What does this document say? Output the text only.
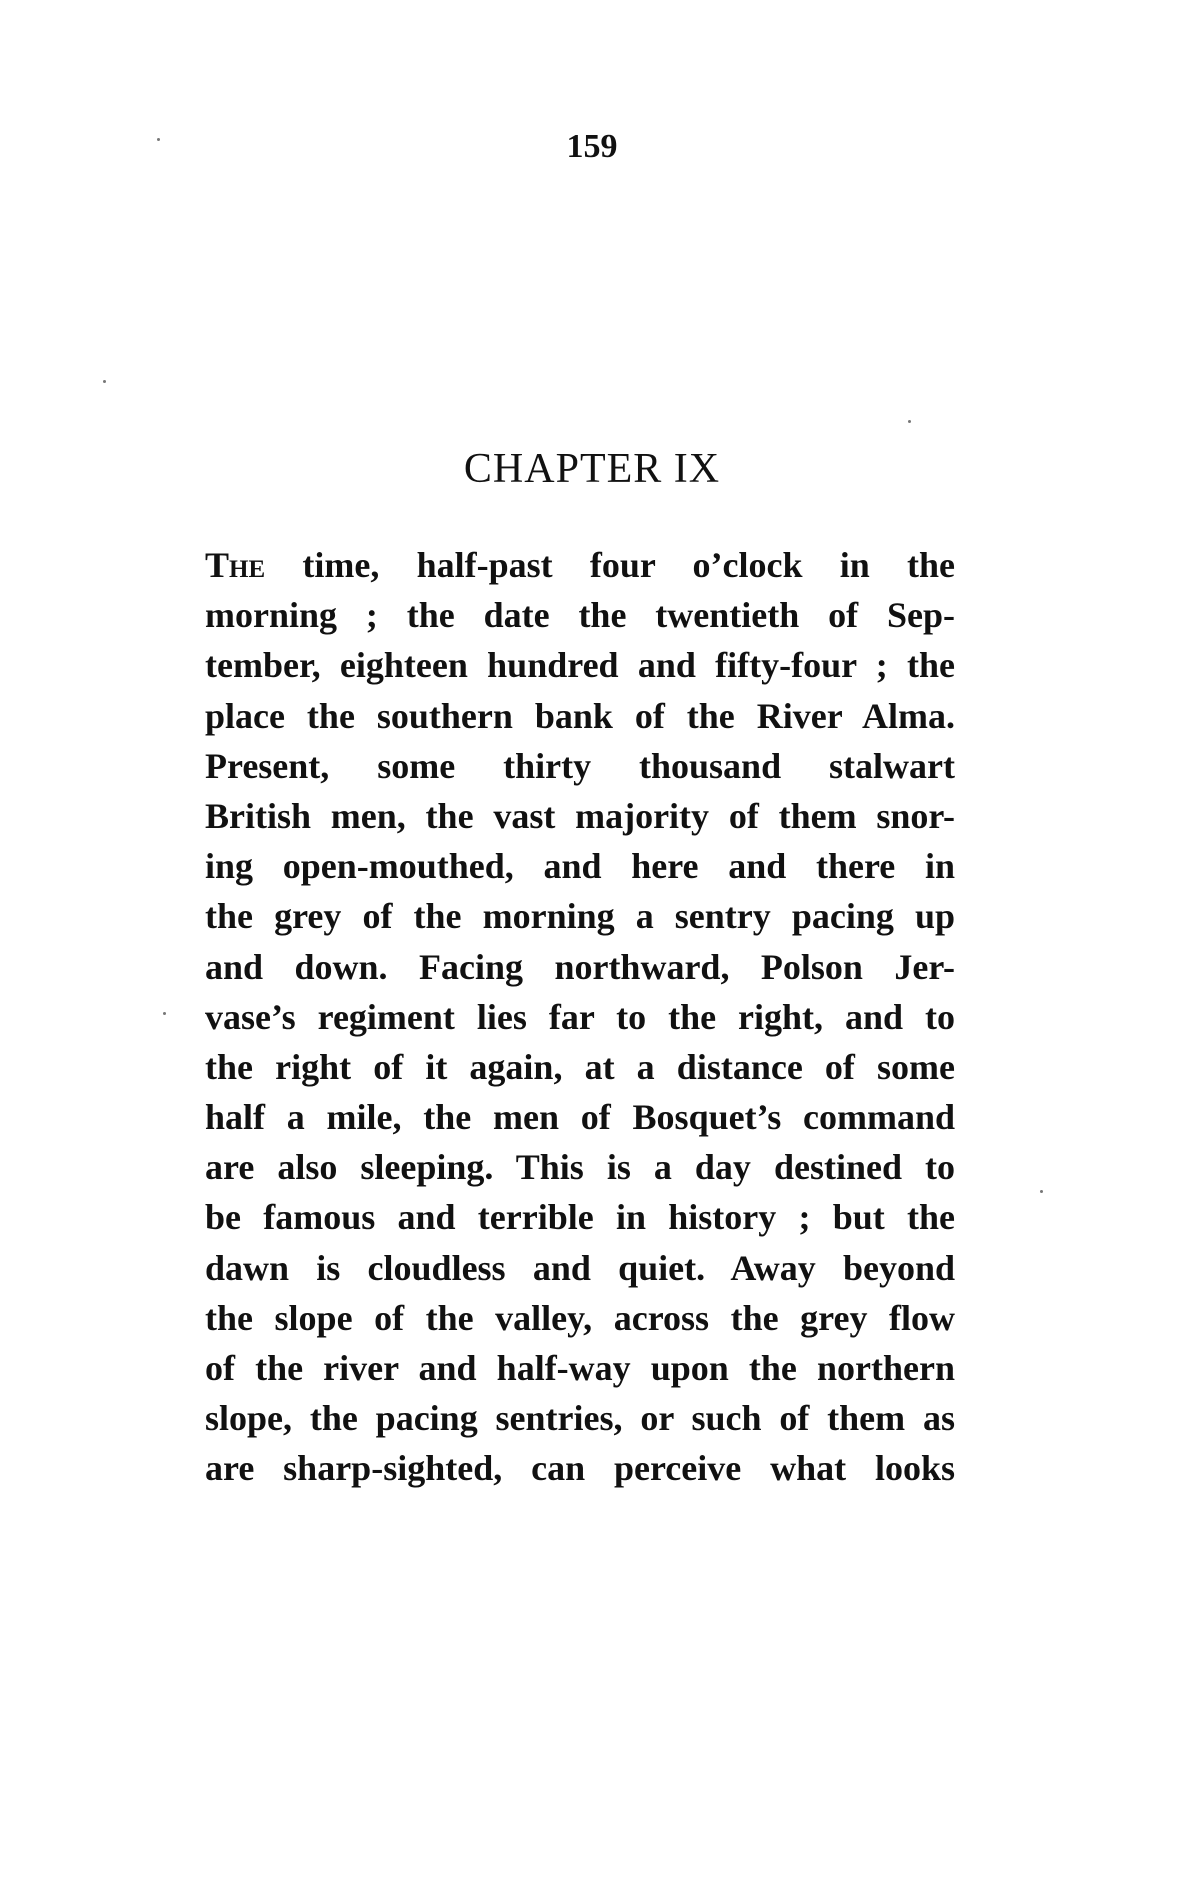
159
CHAPTER IX
The time, half-past four o’clock in the
morning ; the date the twentieth of Sep-
tember, eighteen hundred and fifty-four ; the
place the southern bank of the River Alma.
Present, some thirty thousand stalwart
British men, the vast majority of them snor-
ing open-mouthed, and here and there in
the grey of the morning a sentry pacing up
and down. Facing northward, Polson Jer-
vase’s regiment lies far to the right, and to
the right of it again, at a distance of some
half a mile, the men of Bosquet’s command
are also sleeping. This is a day destined to
be famous and terrible in history ; but the
dawn is cloudless and quiet. Away beyond
the slope of the valley, across the grey flow
of the river and half-way upon the northern
slope, the pacing sentries, or such of them as
are sharp-sighted, can perceive what looks
